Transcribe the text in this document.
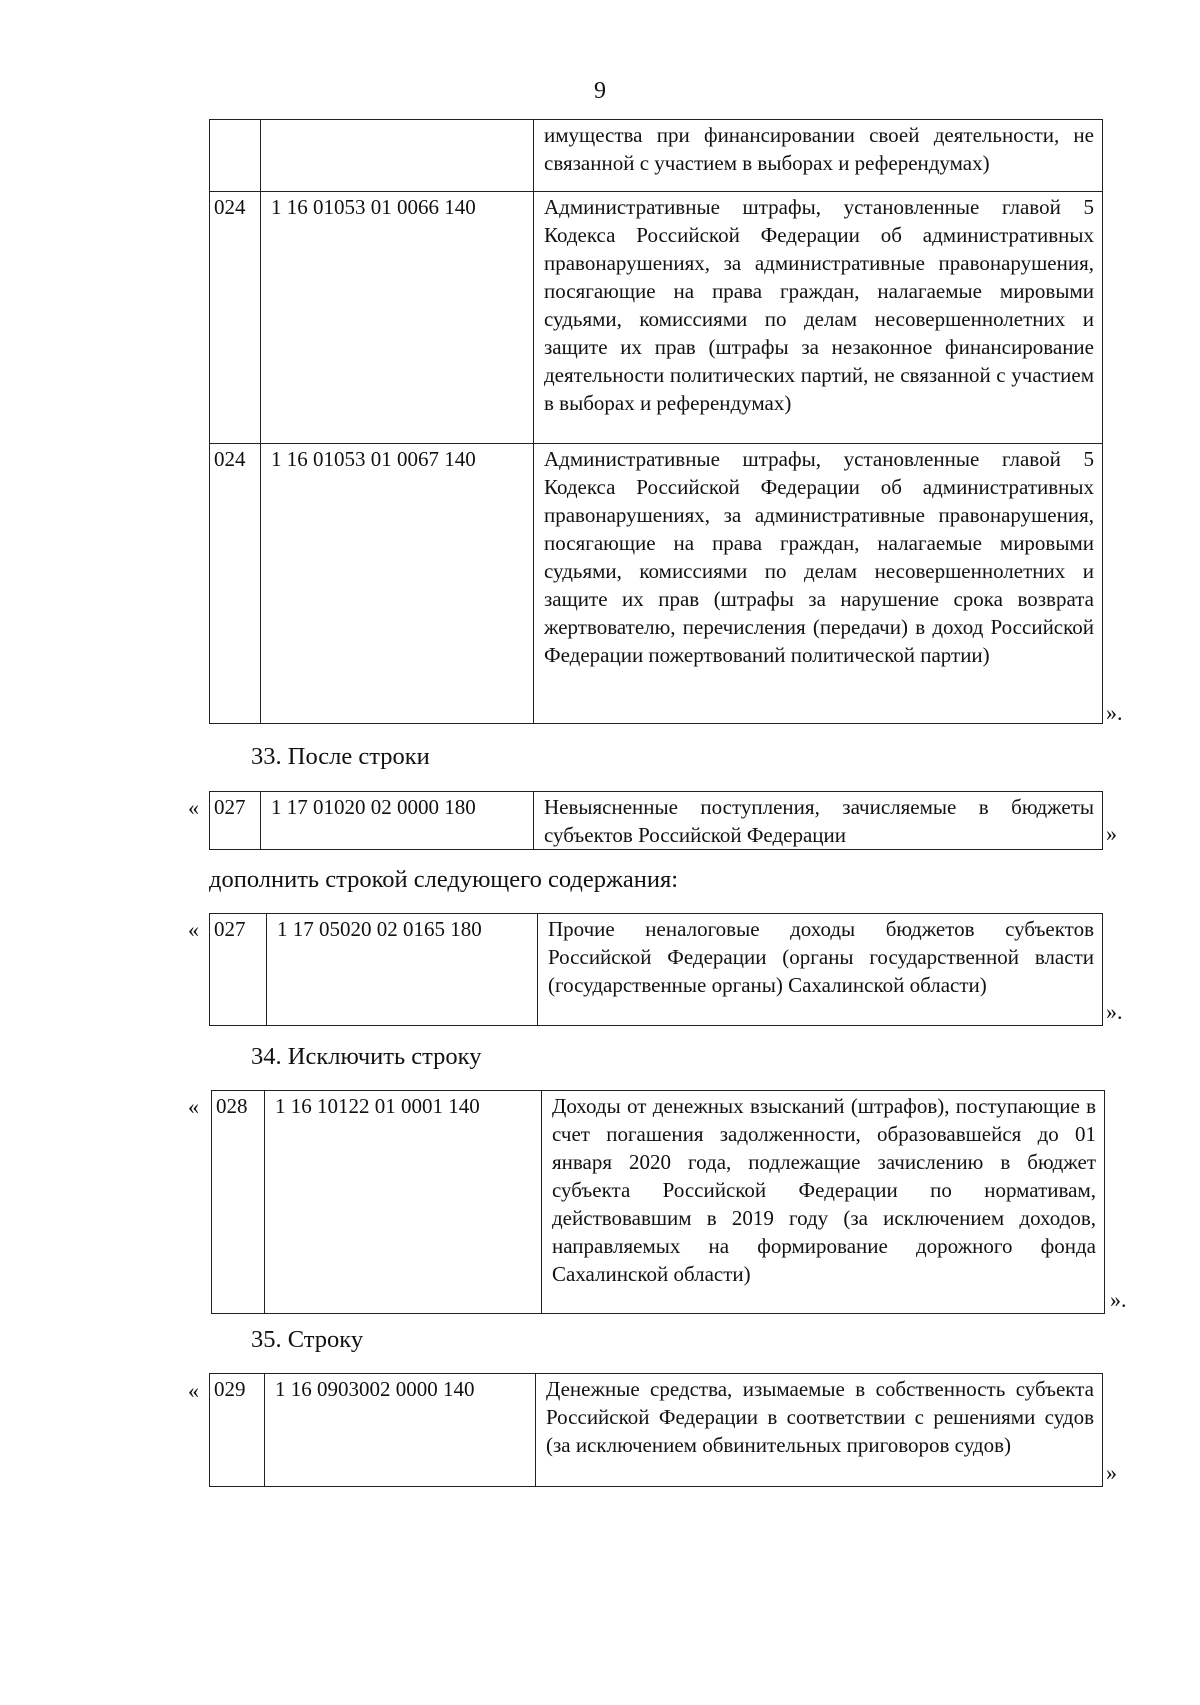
9
		имущества при финансировании своей деятельности, не связанной с участием в выборах и референдумах)
024	1 16 01053 01 0066 140	Административные штрафы, установленные главой 5 Кодекса Российской Федерации об административных правонарушениях, за административные правонарушения, посягающие на права граждан, налагаемые мировыми судьями, комиссиями по делам несовершеннолетних и защите их прав (штрафы за незаконное финансирование деятельности политических партий, не связанной с участием в выборах и референдумах)
024	1 16 01053 01 0067 140	Административные штрафы, установленные главой 5 Кодекса Российской Федерации об административных правонарушениях, за административные правонарушения, посягающие на права граждан, налагаемые мировыми судьями, комиссиями по делам несовершеннолетних и защите их прав (штрафы за нарушение срока возврата жертвователю, перечисления (передачи) в доход Российской Федерации пожертвований политической партии)
».
33. После строки
« 027	1 17 01020 02 0000 180	Невыясненные поступления, зачисляемые в бюджеты субъектов Российской Федерации	»
дополнить строкой следующего содержания:
« 027	1 17 05020 02 0165 180	Прочие неналоговые доходы бюджетов субъектов Российской Федерации (органы государственной власти (государственные органы) Сахалинской области)
».
34. Исключить строку
« 028	1 16 10122 01 0001 140	Доходы от денежных взысканий (штрафов), поступающие в счет погашения задолженности, образовавшейся до 01 января 2020 года, подлежащие зачислению в бюджет субъекта Российской Федерации по нормативам, действовавшим в 2019 году (за исключением доходов, направляемых на формирование дорожного фонда Сахалинской области)
».
35. Строку
« 029	1 16 0903002 0000 140	Денежные средства, изымаемые в собственность субъекта Российской Федерации в соответствии с решениями судов (за исключением обвинительных приговоров судов)
»
